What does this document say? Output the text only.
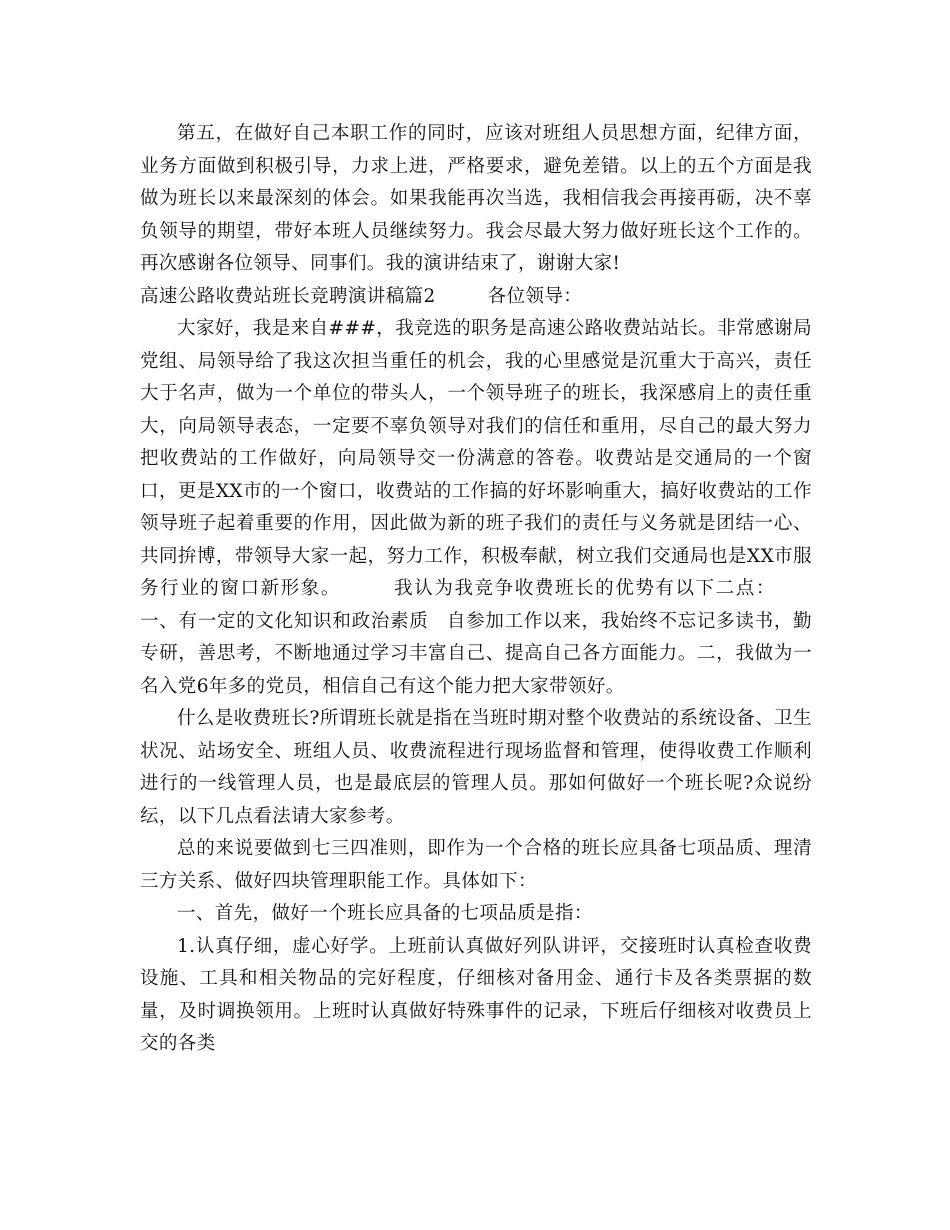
第五，在做好自己本职工作的同时，应该对班组人员思想方面，纪律方面，业务方面做到积极引导，力求上进，严格要求，避免差错。以上的五个方面是我做为班长以来最深刻的体会。如果我能再次当选，我相信我会再接再砺，决不辜负领导的期望，带好本班人员继续努力。我会尽最大努力做好班长这个工作的。再次感谢各位领导、同事们。我的演讲结束了，谢谢大家!

高速公路收费站班长竞聘演讲稿篇2	各位领导：

大家好，我是来自###，我竞选的职务是高速公路收费站站长。非常感谢局党组、局领导给了我这次担当重任的机会，我的心里感觉是沉重大于高兴，责任大于名声，做为一个单位的带头人，一个领导班子的班长，我深感肩上的责任重大，向局领导表态，一定要不辜负领导对我们的信任和重用，尽自己的最大努力把收费站的工作做好，向局领导交一份满意的答卷。收费站是交通局的一个窗口，更是XX市的一个窗口，收费站的工作搞的好坏影响重大，搞好收费站的工作领导班子起着重要的作用，因此做为新的班子我们的责任与义务就是团结一心、共同拚博，带领导大家一起，努力工作，积极奉献，树立我们交通局也是XX市服务行业的窗口新形象。	我认为我竞争收费班长的优势有以下二点：一、有一定的文化知识和政治素质 自参加工作以来，我始终不忘记多读书，勤专研，善思考，不断地通过学习丰富自己、提高自己各方面能力。二，我做为一名入党6年多的党员，相信自己有这个能力把大家带领好。

什么是收费班长?所谓班长就是指在当班时期对整个收费站的系统设备、卫生状况、站场安全、班组人员、收费流程进行现场监督和管理，使得收费工作顺利进行的一线管理人员，也是最底层的管理人员。那如何做好一个班长呢?众说纷纭，以下几点看法请大家参考。

总的来说要做到七三四准则，即作为一个合格的班长应具备七项品质、理清三方关系、做好四块管理职能工作。具体如下：

一、首先，做好一个班长应具备的七项品质是指：

1.认真仔细，虚心好学。上班前认真做好列队讲评，交接班时认真检查收费设施、工具和相关物品的完好程度，仔细核对备用金、通行卡及各类票据的数量，及时调换领用。上班时认真做好特殊事件的记录，下班后仔细核对收费员上交的各类
